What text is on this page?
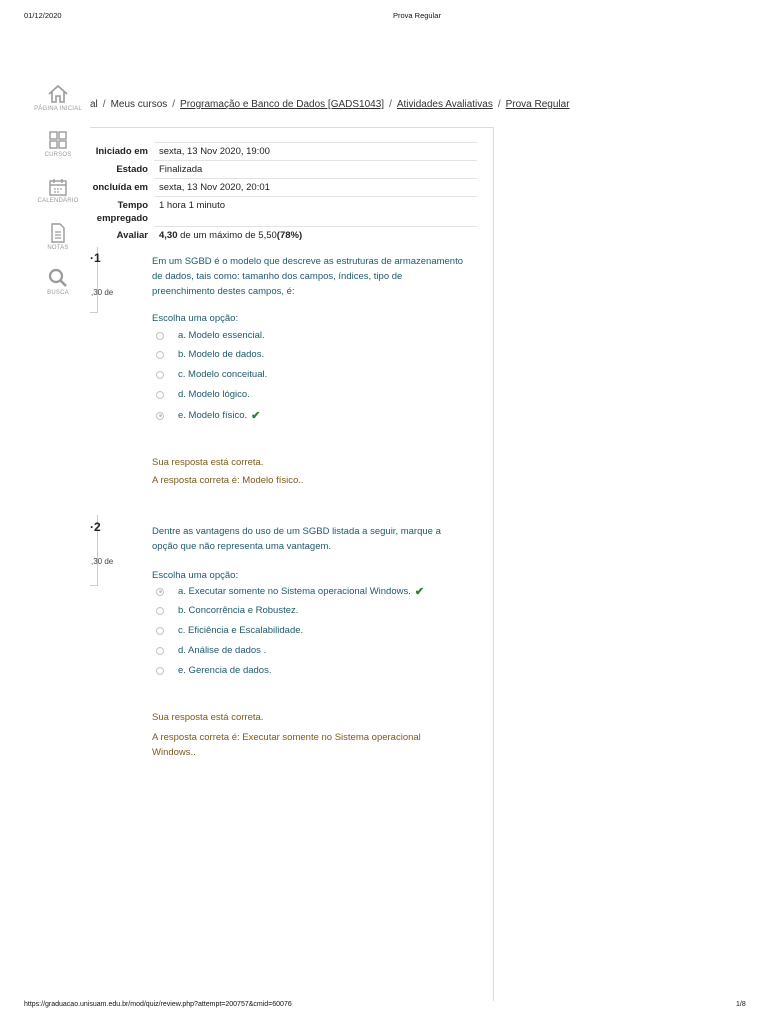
01/12/2020	Prova Regular
PÁGINA INICIAL
CURSOS
CALENDÁRIO
NOTAS
BUSCA
al / Meus cursos / Programação e Banco de Dados [GADS1043] / Atividades Avaliativas / Prova Regular
Iniciado em	sexta, 13 Nov 2020, 19:00
Estado	Finalizada
oncluída em	sexta, 13 Nov 2020, 20:01
Tempo empregado	1 hora 1 minuto
Avaliar	4,30 de um máximo de 5,50(78%)
·1
,30 de
Em um SGBD é o modelo que descreve as estruturas de armazenamento de dados, tais como: tamanho dos campos, índices, tipo de preenchimento destes campos, é:
Escolha uma opção:
a. Modelo essencial.
b. Modelo de dados.
c. Modelo conceitual.
d. Modelo lógico.
e. Modelo físico. ✔
Sua resposta está correta.
A resposta correta é: Modelo físico..
·2
,30 de
Dentre as vantagens do uso de um SGBD listada a seguir, marque a opção que não representa uma vantagem.
Escolha uma opção:
a. Executar somente no Sistema operacional Windows. ✔
b. Concorrência e Robustez.
c. Eficiência e Escalabilidade.
d. Análise de dados .
e. Gerencia de dados.
Sua resposta está correta.
A resposta correta é: Executar somente no Sistema operacional Windows..
https://graduacao.unisuam.edu.br/mod/quiz/review.php?attempt=200757&cmid=60076	1/8
